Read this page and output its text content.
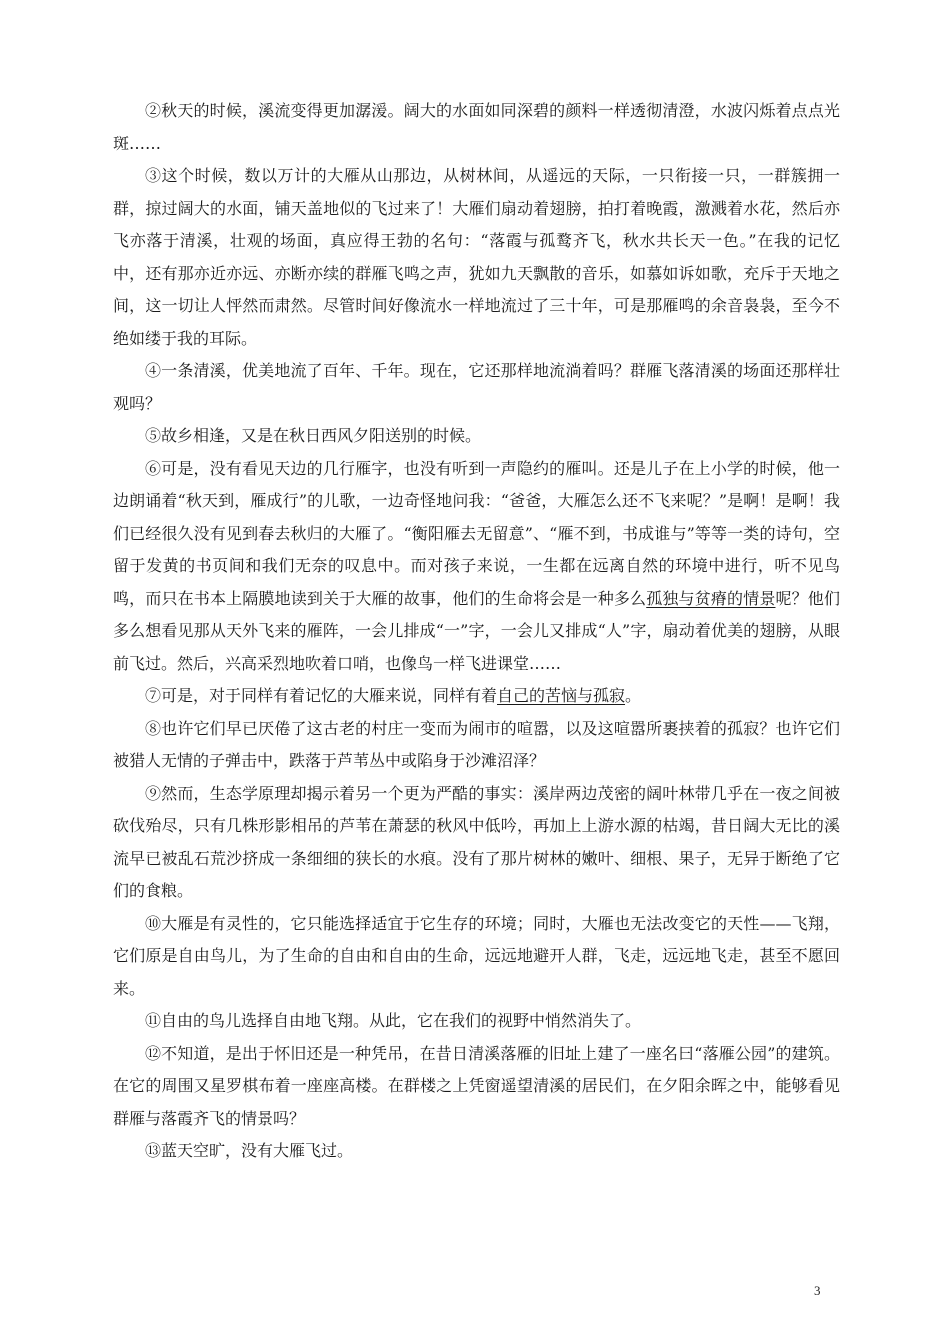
②秋天的时候，溪流变得更加潺湲。阔大的水面如同深碧的颜料一样透彻清澄，水波闪烁着点点光斑……

③这个时候，数以万计的大雁从山那边，从树林间，从遥远的天际，一只衔接一只，一群簇拥一群，掠过阔大的水面，铺天盖地似的飞过来了！大雁们扇动着翅膀，拍打着晚霞，激溅着水花，然后亦飞亦落于清溪，壮观的场面，真应得王勃的名句：“落霞与孤鹜齐飞，秋水共长天一色。”在我的记忆中，还有那亦近亦远、亦断亦续的群雁飞鸣之声，犹如九天飘散的音乐，如慕如诉如歌，充斥于天地之间，这一切让人怦然而肃然。尽管时间好像流水一样地流过了三十年，可是那雁鸣的余音袅袅，至今不绝如缕于我的耳际。

④一条清溪，优美地流了百年、千年。现在，它还那样地流淌着吗？群雁飞落清溪的场面还那样壮观吗？

⑤故乡相逢，又是在秋日西风夕阳送别的时候。

⑥可是，没有看见天边的几行雁字，也没有听到一声隐约的雁叫。还是儿子在上小学的时候，他一边朗诵着“秋天到，雁成行”的儿歌，一边奇怪地问我：“爸爸，大雁怎么还不飞来呢？”是啊！是啊！我们已经很久没有见到春去秋归的大雁了。“衡阳雁去无留意”、“雁不到，书成谁与”等等一类的诗句，空留于发黄的书页间和我们无奈的叹息中。而对孩子来说，一生都在远离自然的环境中进行，听不见鸟鸣，而只在书本上隔膜地读到关于大雁的故事，他们的生命将会是一种多么孤独与贫瘠的情景呢？他们多么想看见那从天外飞来的雁阵，一会儿排成“一”字，一会儿又排成“人”字，扇动着优美的翅膀，从眼前飞过。然后，兴高采烈地吹着口哨，也像鸟一样飞进课堂……

⑦可是，对于同样有着记忆的大雁来说，同样有着自己的苦恼与孤寂。

⑧也许它们早已厌倦了这古老的村庄一变而为闹市的喧嚣，以及这喧嚣所裹挟着的孤寂？也许它们被猎人无情的子弹击中，跌落于芦苇丛中或陷身于沙滩沼泽？

⑨然而，生态学原理却揭示着另一个更为严酷的事实：溪岸两边茂密的阔叶林带几乎在一夜之间被砍伐殆尽，只有几株形影相吊的芦苇在萧瑟的秋风中低吟，再加上上游水源的枯竭，昔日阔大无比的溪流早已被乱石荒沙挤成一条细细的狭长的水痕。没有了那片树林的嫩叶、细根、果子，无异于断绝了它们的食粮。

⑩大雁是有灵性的，它只能选择适宜于它生存的环境；同时，大雁也无法改变它的天性——飞翔，它们原是自由鸟儿，为了生命的自由和自由的生命，远远地避开人群，飞走，远远地飞走，甚至不愿回来。

⑪自由的鸟儿选择自由地飞翔。从此，它在我们的视野中悄然消失了。

⑫不知道，是出于怀旧还是一种凭吊，在昔日清溪落雁的旧址上建了一座名曰“落雁公园”的建筑。在它的周围又星罗棋布着一座座高楼。在群楼之上凭窗遥望清溪的居民们，在夕阳余晖之中，能够看见群雁与落霞齐飞的情景吗？

⑬蓝天空旷，没有大雁飞过。

3
